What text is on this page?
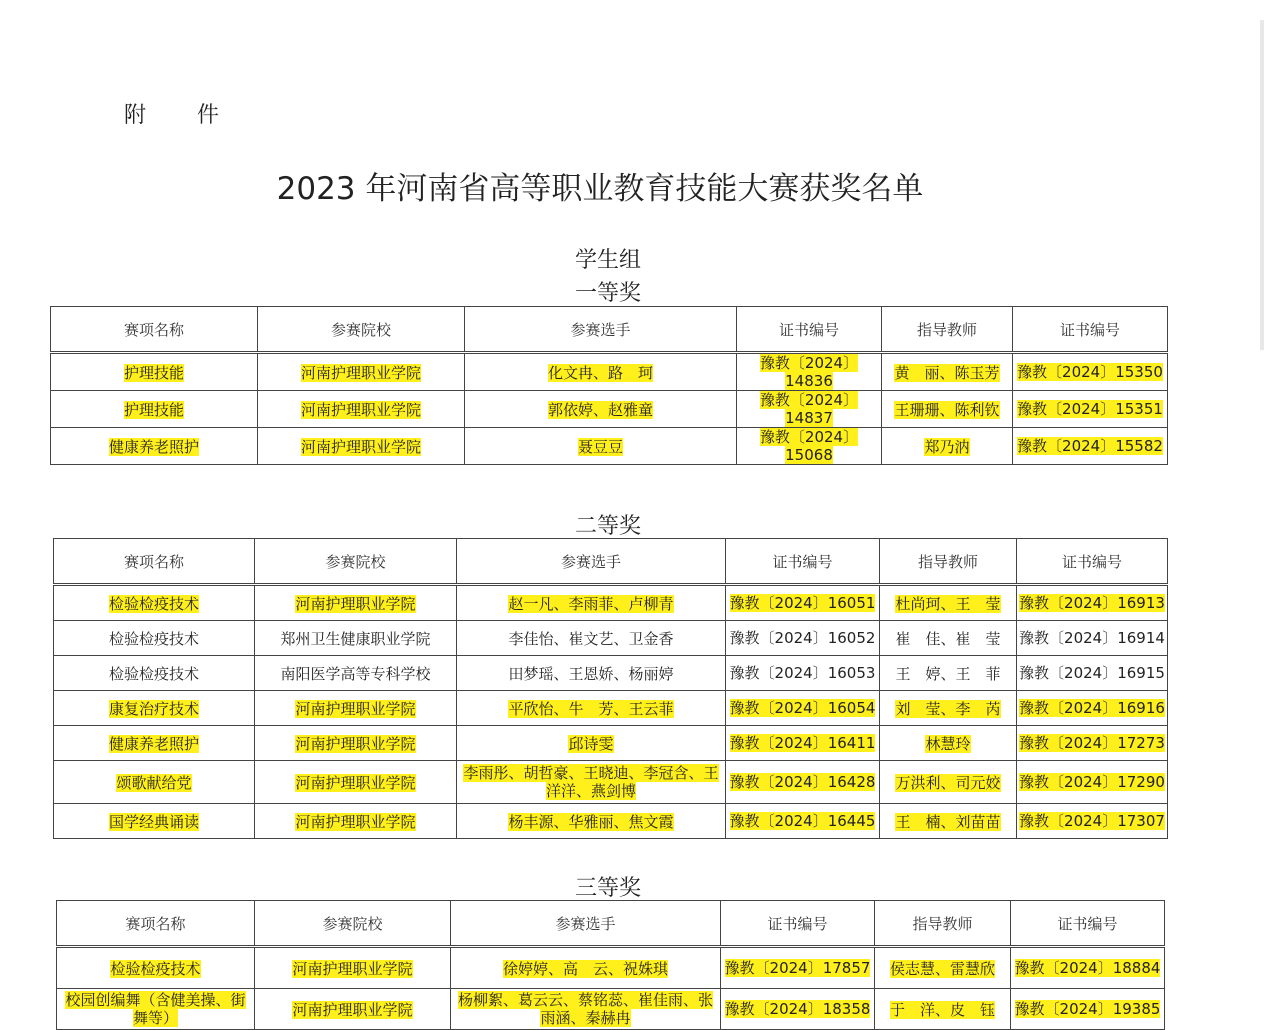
附 件
2023 年河南省高等职业教育技能大赛获奖名单
学生组
一等奖
赛项名称	参赛院校	参赛选手	证书编号	指导教师	证书编号
护理技能	河南护理职业学院	化文冉、路　珂	豫教〔2024〕14836	黄　丽、陈玉芳	豫教〔2024〕15350
护理技能	河南护理职业学院	郭依婷、赵雅童	豫教〔2024〕14837	王珊珊、陈利钦	豫教〔2024〕15351
健康养老照护	河南护理职业学院	聂豆豆	豫教〔2024〕15068	郑乃汭	豫教〔2024〕15582
二等奖
赛项名称	参赛院校	参赛选手	证书编号	指导教师	证书编号
检验检疫技术	河南护理职业学院	赵一凡、李雨菲、卢柳青	豫教〔2024〕16051	杜尚珂、王　莹	豫教〔2024〕16913
检验检疫技术	郑州卫生健康职业学院	李佳怡、崔文艺、卫金香	豫教〔2024〕16052	崔　佳、崔　莹	豫教〔2024〕16914
检验检疫技术	南阳医学高等专科学校	田梦瑶、王恩娇、杨丽婷	豫教〔2024〕16053	王　婷、王　菲	豫教〔2024〕16915
康复治疗技术	河南护理职业学院	平欣怡、牛　芳、王云菲	豫教〔2024〕16054	刘　莹、李　芮	豫教〔2024〕16916
健康养老照护	河南护理职业学院	邱诗雯	豫教〔2024〕16411	林慧玲	豫教〔2024〕17273
颂歌献给党	河南护理职业学院	李雨彤、胡哲豪、王晓迪、李冠含、王洋洋、燕剑博	豫教〔2024〕16428	万洪利、司元姣	豫教〔2024〕17290
国学经典诵读	河南护理职业学院	杨丰源、华雅丽、焦文霞	豫教〔2024〕16445	王　楠、刘苗苗	豫教〔2024〕17307
三等奖
赛项名称	参赛院校	参赛选手	证书编号	指导教师	证书编号
检验检疫技术	河南护理职业学院	徐婷婷、高　云、祝姝琪	豫教〔2024〕17857	侯志慧、雷慧欣	豫教〔2024〕18884
校园创编舞（含健美操、街舞等）	河南护理职业学院	杨柳絮、葛云云、蔡铭蕊、崔佳雨、张雨涵、秦赫冉	豫教〔2024〕18358	于　洋、皮　钰	豫教〔2024〕19385
